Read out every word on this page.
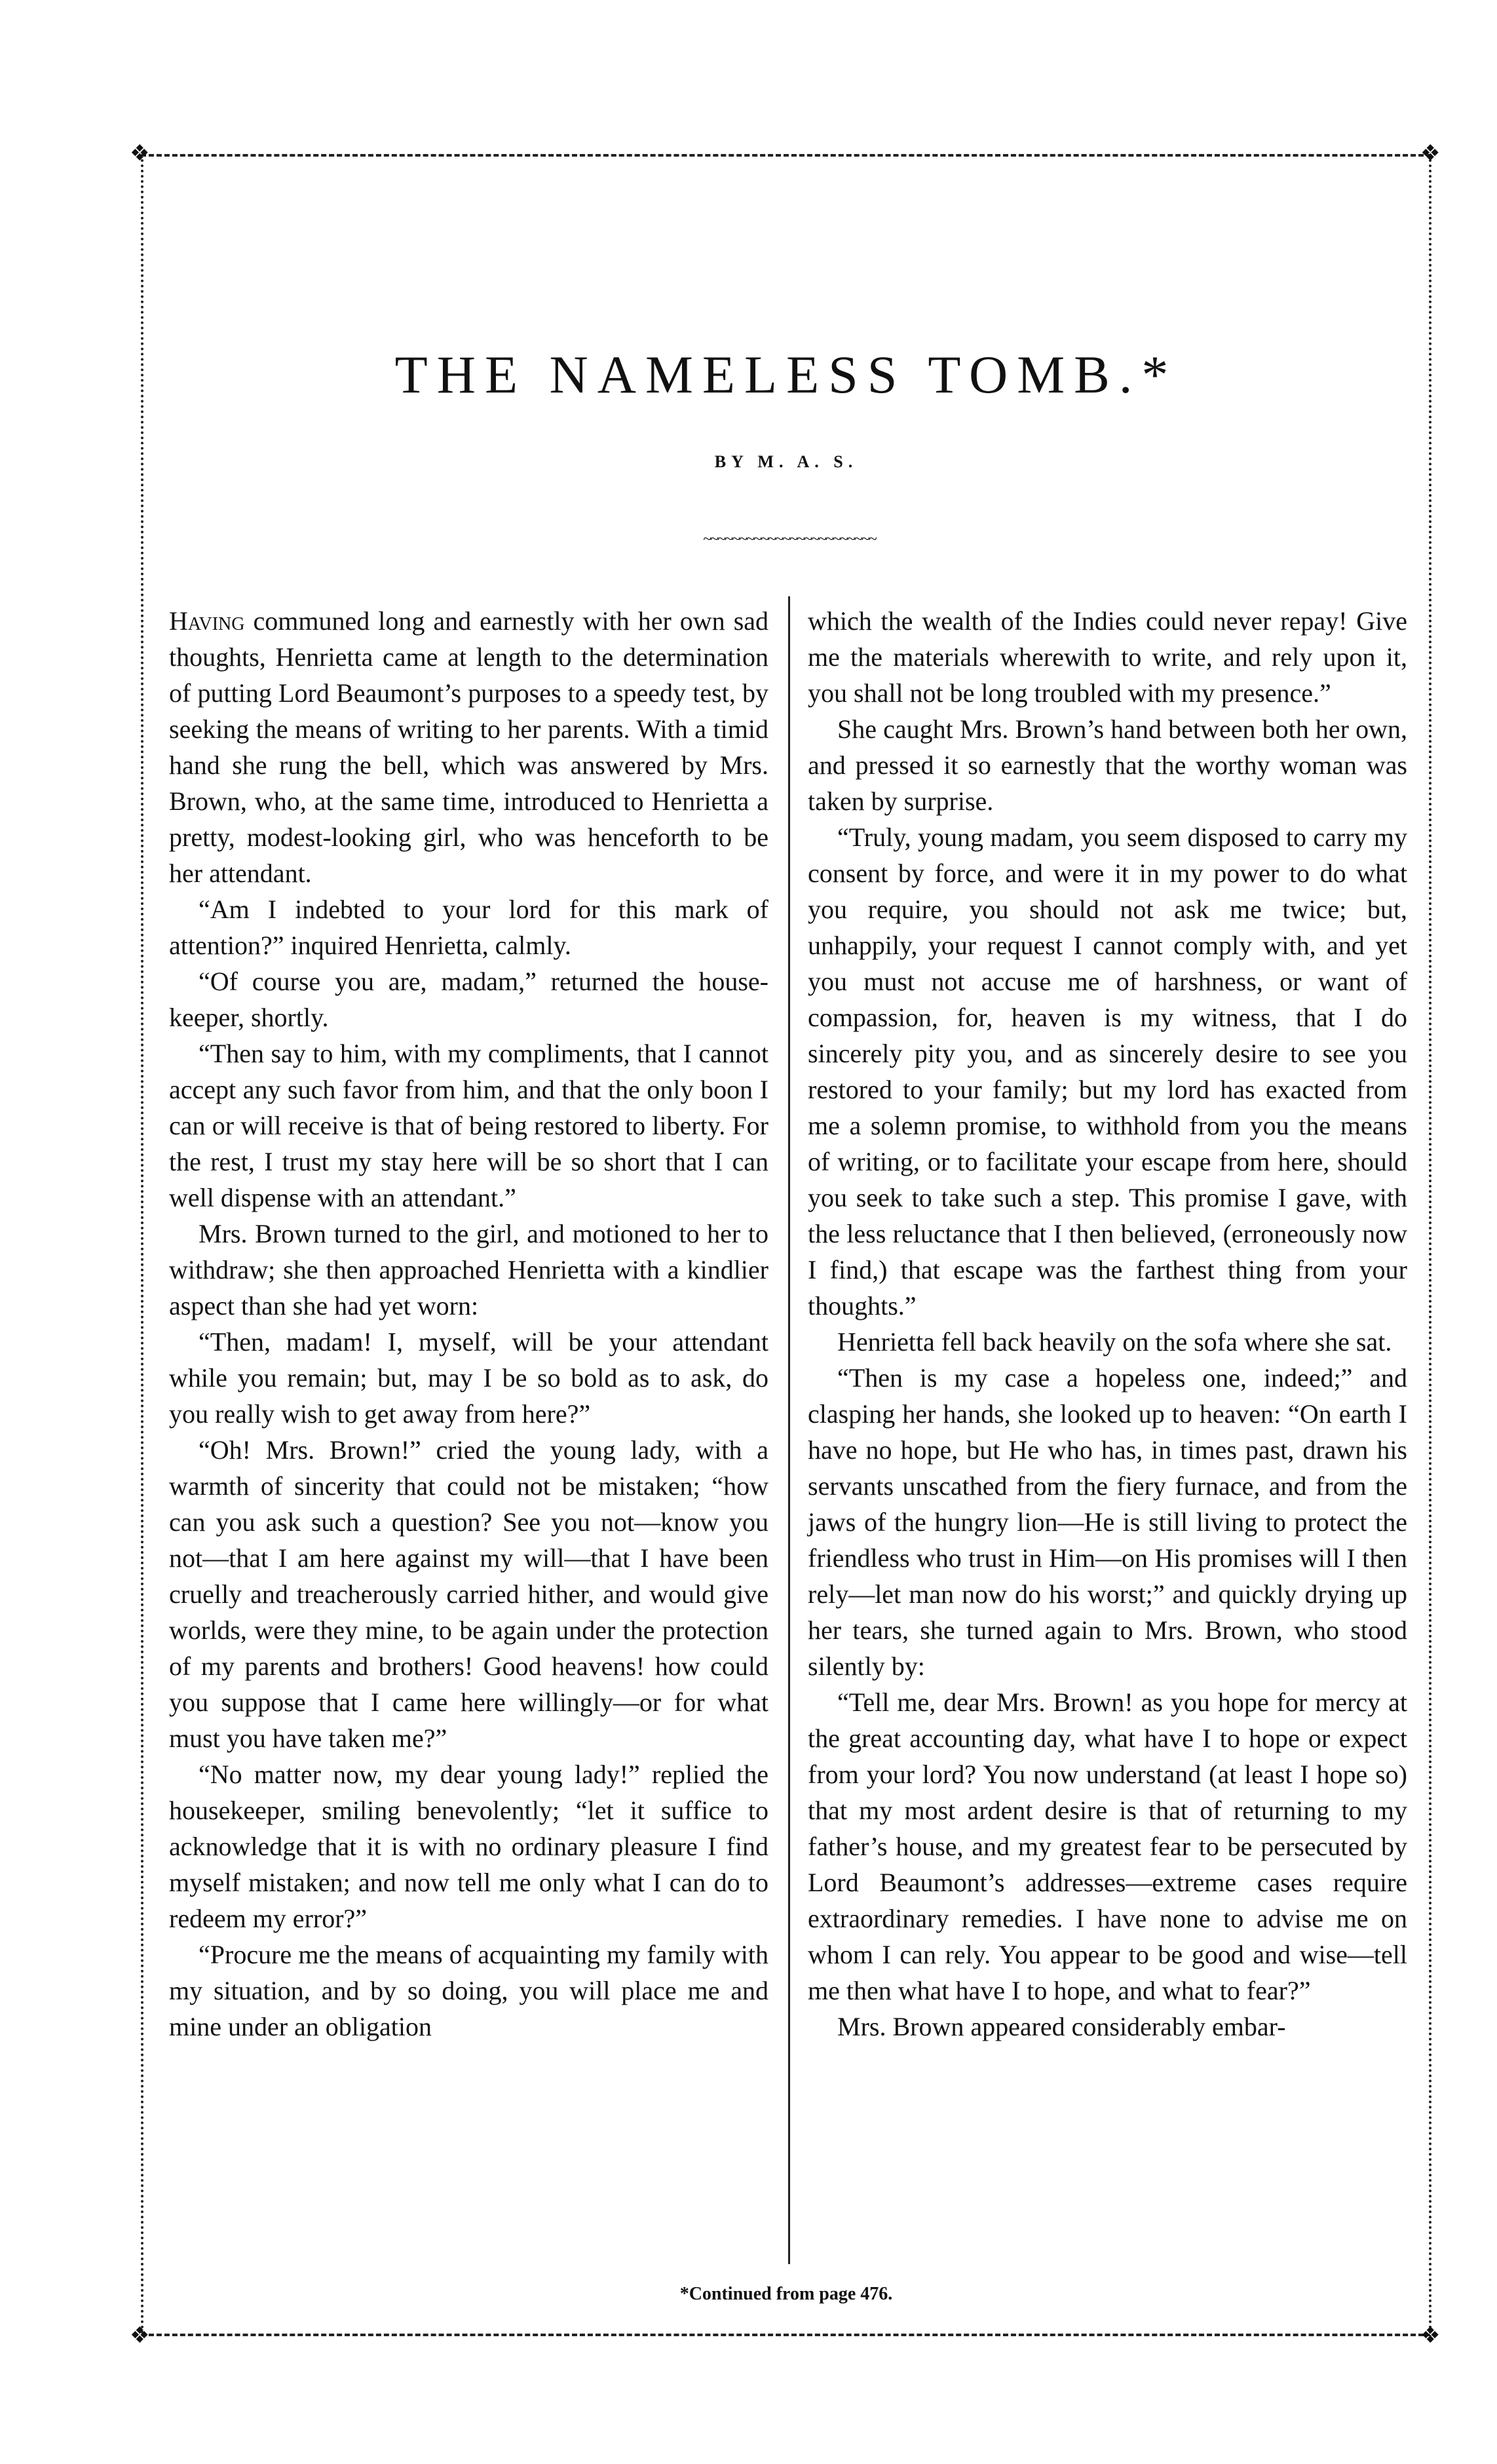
❖	❖
❖	❖
THE NAMELESS TOMB.*
BY M. A. S.
~~~~~~~~~~~~~~~~~~~~~~~~

Having communed long and earnestly with her own sad thoughts, Henrietta came at length to the determination of putting Lord Beaumont’s purposes to a speedy test, by seeking the means of writing to her parents. With a timid hand she rung the bell, which was answered by Mrs. Brown, who, at the same time, introduced to Henrietta a pretty, modest-looking girl, who was henceforth to be her attendant.

“Am I indebted to your lord for this mark of attention?” inquired Henrietta, calmly.

“Of course you are, madam,” returned the house-keeper, shortly.

“Then say to him, with my compliments, that I cannot accept any such favor from him, and that the only boon I can or will receive is that of being restored to liberty. For the rest, I trust my stay here will be so short that I can well dispense with an attendant.”

Mrs. Brown turned to the girl, and motioned to her to withdraw; she then approached Henrietta with a kindlier aspect than she had yet worn:

“Then, madam! I, myself, will be your attendant while you remain; but, may I be so bold as to ask, do you really wish to get away from here?”

“Oh! Mrs. Brown!” cried the young lady, with a warmth of sincerity that could not be mistaken; “how can you ask such a question? See you not—know you not—that I am here against my will—that I have been cruelly and treacherously carried hither, and would give worlds, were they mine, to be again under the protection of my parents and brothers! Good heavens! how could you suppose that I came here willingly—or for what must you have taken me?”

“No matter now, my dear young lady!” replied the housekeeper, smiling benevolently; “let it suffice to acknowledge that it is with no ordinary pleasure I find myself mistaken; and now tell me only what I can do to redeem my error?”

“Procure me the means of acquainting my family with my situation, and by so doing, you will place me and mine under an obligation

which the wealth of the Indies could never repay! Give me the materials wherewith to write, and rely upon it, you shall not be long troubled with my presence.”

She caught Mrs. Brown’s hand between both her own, and pressed it so earnestly that the worthy woman was taken by surprise.

“Truly, young madam, you seem disposed to carry my consent by force, and were it in my power to do what you require, you should not ask me twice; but, unhappily, your request I cannot comply with, and yet you must not accuse me of harshness, or want of compassion, for, heaven is my witness, that I do sincerely pity you, and as sincerely desire to see you restored to your family; but my lord has exacted from me a solemn promise, to withhold from you the means of writing, or to facilitate your escape from here, should you seek to take such a step. This promise I gave, with the less reluctance that I then believed, (erroneously now I find,) that escape was the farthest thing from your thoughts.”

Henrietta fell back heavily on the sofa where she sat.

“Then is my case a hopeless one, indeed;” and clasping her hands, she looked up to heaven: “On earth I have no hope, but He who has, in times past, drawn his servants unscathed from the fiery furnace, and from the jaws of the hungry lion—He is still living to protect the friendless who trust in Him—on His promises will I then rely—let man now do his worst;” and quickly drying up her tears, she turned again to Mrs. Brown, who stood silently by:

“Tell me, dear Mrs. Brown! as you hope for mercy at the great accounting day, what have I to hope or expect from your lord? You now understand (at least I hope so) that my most ardent desire is that of returning to my father’s house, and my greatest fear to be persecuted by Lord Beaumont’s addresses—extreme cases require extraordinary remedies. I have none to advise me on whom I can rely. You appear to be good and wise—tell me then what have I to hope, and what to fear?”

Mrs. Brown appeared considerably embar-

*Continued from page 476.
